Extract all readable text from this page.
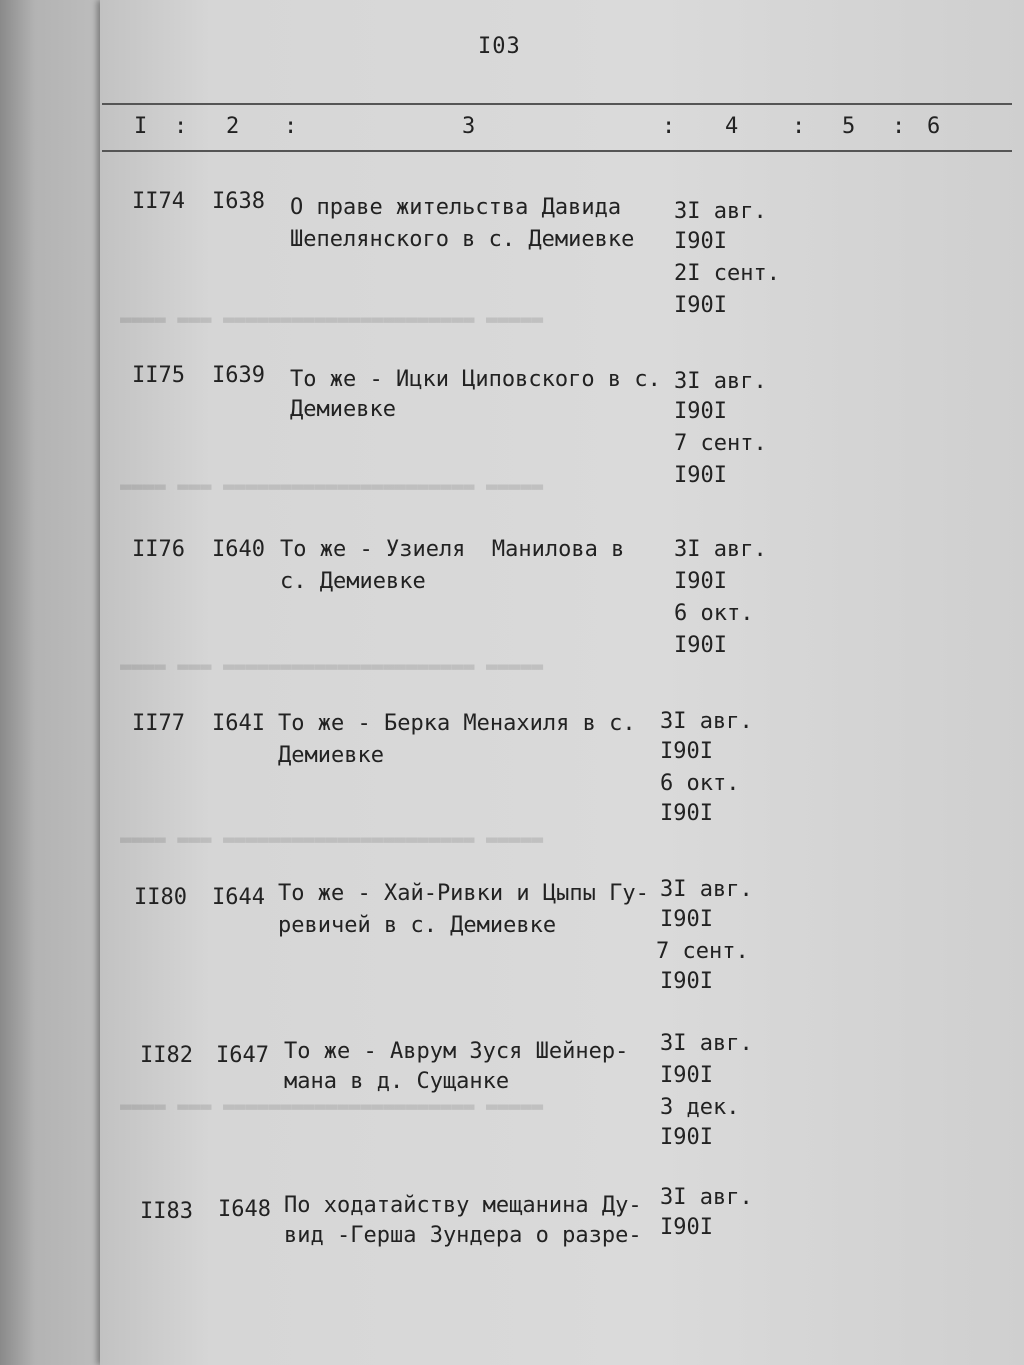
▬▬▬▬ ▬▬▬ ▬▬▬▬▬▬▬▬▬▬▬▬▬▬▬▬▬▬▬▬▬▬ ▬▬▬▬▬
▬▬▬▬ ▬▬▬ ▬▬▬▬▬▬▬▬▬▬▬▬▬▬▬▬▬▬▬▬▬▬ ▬▬▬▬▬
▬▬▬▬ ▬▬▬ ▬▬▬▬▬▬▬▬▬▬▬▬▬▬▬▬▬▬▬▬▬▬ ▬▬▬▬▬
▬▬▬▬ ▬▬▬ ▬▬▬▬▬▬▬▬▬▬▬▬▬▬▬▬▬▬▬▬▬▬ ▬▬▬▬▬
▬▬▬▬ ▬▬▬ ▬▬▬▬▬▬▬▬▬▬▬▬▬▬▬▬▬▬▬▬▬▬ ▬▬▬▬▬
I03
I : 2 :	3	: 4 : 5 : 6
II74 I638 О праве жительства Давида
Шепелянского в с. Демиевке
3I авг.
I90I
2I сент.
I90I
II75 I639 То же - Ицки Циповского в с.
Демиевке
3I авг.
I90I
7 сент.
I90I
II76 I640 То же - Узиеля  Манилова в
с. Демиевке
3I авг.
I90I
6 окт.
I90I
II77 I64I То же - Берка Менахиля в с.
Демиевке
3I авг.
I90I
6 окт.
I90I
II80 I644 То же - Хай-Ривки и Цыпы Гу-
ревичей в с. Демиевке
3I авг.
I90I
7 сент.
I90I
II82 I647 То же - Аврум Зуся Шейнер-
мана в д. Сущанке
3I авг.
I90I
3 дек.
I90I
II83 I648 По ходатайству мещанина Ду-
вид -Герша Зундера о разре-
3I авг.
I90I
